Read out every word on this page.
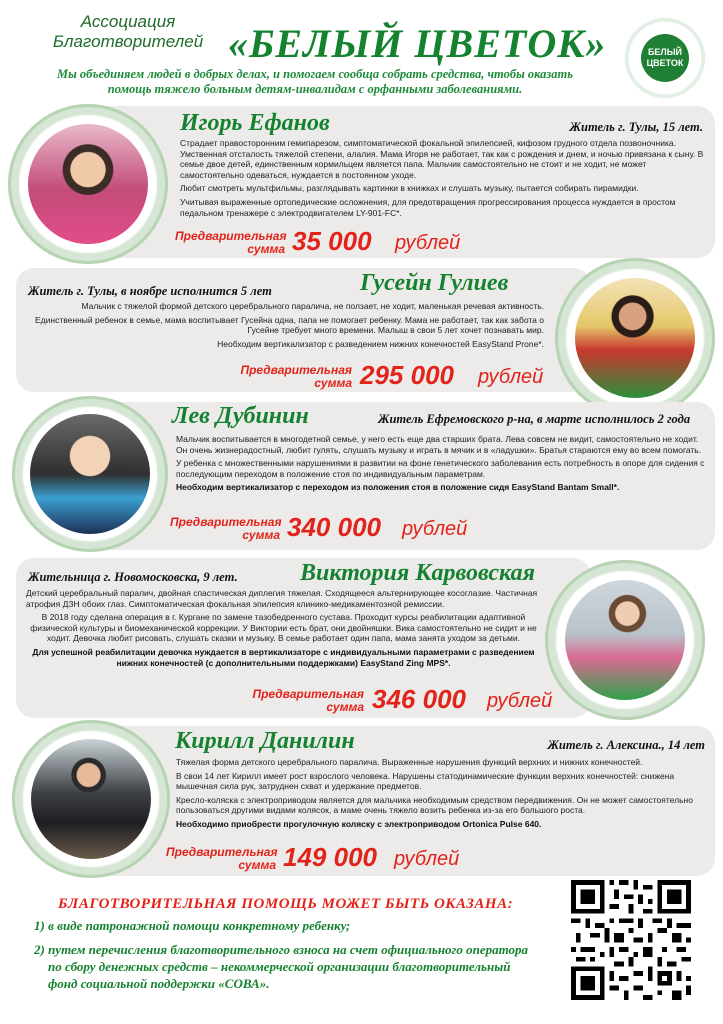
Ассоциация
Благотворителей «БЕЛЫЙ ЦВЕТОК»	БЕЛЫЙ
ЦВЕТОК
Мы объединяем людей в добрых делах, и помогаем сообща собрать средства, чтобы оказать
помощь тяжело больным детям-инвалидам с орфанными заболеваниями.
Игорь Ефанов	Житель г. Тулы, 15 лет.

Страдает правосторонним гемипарезом, симптоматической фокальной эпилепсией, кифозом грудного отдела позвоночника. Умственная отсталость тяжелой степени, алалия. Мама Игоря не работает, так как с рождения и днем, и ночью привязана к сыну. В семье двое детей, единственным кормильцем является папа. Мальчик самостоятельно не стоит и не ходит, не может самостоятельно одеваться, нуждается в постоянном уходе.

Любит смотреть мультфильмы, разглядывать картинки в книжках и слушать музыку, пытается собирать пирамидки.

Учитывая выраженные ортопедические осложнения, для предотвращения прогрессирования процесса нуждается в простом педальном тренажере с электродвигателем LY-901-FC*.

Предварительная
сумма 35 000 рублей
Житель г. Тулы, в ноябре исполнится 5 лет	Гусейн Гулиев

Мальчик с тяжелой формой детского церебрального паралича, не ползает, не ходит, маленькая речевая активность.

Единственный ребенок в семье, мама воспитывает Гусейна одна, папа не помогает ребенку. Мама не работает, так как забота о Гусейне требует много времени. Малыш в свои 5 лет хочет познавать мир.

Необходим вертикализатор с разведением нижних конечностей EasyStand Prone*.

Предварительная
сумма 295 000 рублей
Лев Дубинин	Житель Ефремовского р-на, в марте исполнилось 2 года

Мальчик воспитывается в многодетной семье, у него есть еще два старших брата. Лева совсем не видит, самостоятельно не ходит. Он очень жизнерадостный, любит гулять, слушать музыку и играть в мячик и в «ладушки». Братья стараются ему во всем помогать.

У ребенка с множественными нарушениями в развитии на фоне генетического заболевания есть потребность в опоре для сидения с последующим переходом в положение стоя по индивидуальным параметрам.

Необходим вертикализатор с переходом из положения стоя в положение сидя EasyStand Bantam Small*.

Предварительная
сумма 340 000 рублей
Жительница г. Новомосковска, 9 лет.	Виктория Карвовская

Детский церебральный паралич, двойная спастическая диплегия тяжелая. Сходящееся альтернирующее косоглазие. Частичная атрофия ДЗН обоих глаз. Симптоматическая фокальная эпилепсия клинико-медикаментозной ремиссии.

В 2018 году сделана операция в г. Кургане по замене тазобедренного сустава. Проходит курсы реабилитации адаптивной физической культуры и биомеханической коррекции. У Виктории есть брат, они двойняшки. Вика самостоятельно не сидит и не ходит. Девочка любит рисовать, слушать сказки и музыку. В семье работает один папа, мама занята уходом за детьми.

Для успешной реабилитации девочка нуждается в вертикализаторе с индивидуальными параметрами с разведением нижних конечностей (с дополнительными поддержками) EasyStand Zing MPS*.

Предварительная
сумма 346 000 рублей
Кирилл Данилин	Житель г. Алексина., 14 лет

Тяжелая форма детского церебрального паралича. Выраженные нарушения функций верхних и нижних конечностей.

В свои 14 лет Кирилл имеет рост взрослого человека. Нарушены статодинамические функции верхних конечностей: снижена мышечная сила рук, затруднен схват и удержание предметов.

Кресло-коляска с электроприводом является для мальчика необходимым средством передвижения. Он не может самостоятельно пользоваться другими видами колясок, а маме очень тяжело возить ребенка из-за его большого роста.

Необходимо приобрести прогулочную коляску с электроприводом Ortonica Pulse 640.

Предварительная
сумма 149 000 рублей
БЛАГОТВОРИТЕЛЬНАЯ ПОМОЩЬ МОЖЕТ БЫТЬ ОКАЗАНА:
1) в виде патронажной помощи конкретному ребенку;
2) путем перечисления благотворительного взноса на счет официального оператора
по сбору денежных средств – некоммерческой организации благотворительный
фонд социальной поддержки «СОВА».
